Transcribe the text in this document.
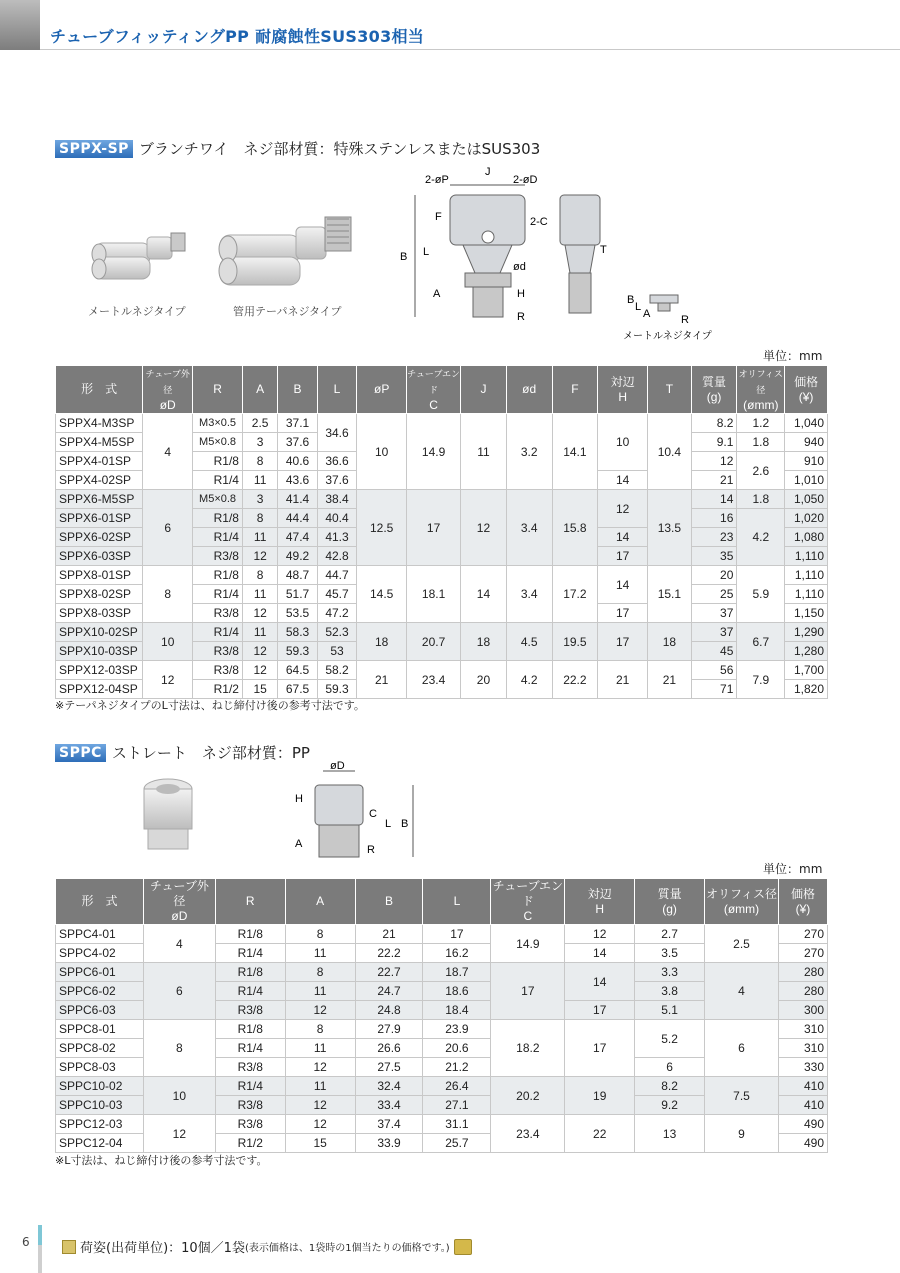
チューブフィッティングPP 耐腐蝕性SUS303相当
SPPX-SP ブランチワイ　ネジ部材質：特殊ステンレスまたはSUS303
メートルネジタイプ	管用テーパネジタイプ
2-øP
J
2-øD
F	2-C
B L
A	H
R
ød
T
B
L
A	R
メートルネジタイプ
単位：mm
形　式	チューブ外径
øD	R	A	B	L	øP	チューブエンド
C	J	ød	F	対辺
H	T	質量
(g)	オリフィス径
(ømm)	価格
(¥)
SPPX4-M3SP	4	M3×0.5	2.5	37.1	34.6	10	14.9	11	3.2	14.1	10	10.4	8.2	1.2	1,040
SPPX4-M5SP		M5×0.8	3	37.6									9.1	1.8	940
SPPX4-01SP		R1/8	8	40.6	36.6								12	2.6	910
SPPX4-02SP		R1/4	11	43.6	37.6						14		21		1,010
SPPX6-M5SP	6	M5×0.8	3	41.4	38.4	12.5	17	12	3.4	15.8	12	13.5	14	1.8	1,050
SPPX6-01SP		R1/8	8	44.4	40.4								16	4.2	1,020
SPPX6-02SP		R1/4	11	47.4	41.3						14		23		1,080
SPPX6-03SP		R3/8	12	49.2	42.8						17		35		1,110
SPPX8-01SP	8	R1/8	8	48.7	44.7	14.5	18.1	14	3.4	17.2	14	15.1	20	5.9	1,110
SPPX8-02SP		R1/4	11	51.7	45.7								25		1,110
SPPX8-03SP		R3/8	12	53.5	47.2						17		37		1,150
SPPX10-02SP	10	R1/4	11	58.3	52.3	18	20.7	18	4.5	19.5	17	18	37	6.7	1,290
SPPX10-03SP		R3/8	12	59.3	53								45		1,280
SPPX12-03SP	12	R3/8	12	64.5	58.2	21	23.4	20	4.2	22.2	21	21	56	7.9	1,700
SPPX12-04SP		R1/2	15	67.5	59.3								71		1,820
※テーパネジタイプのL寸法は、ねじ締付け後の参考寸法です。
SPPC ストレート　ネジ部材質：PP
øD
H
C
L B
A	R
単位：mm
形　式	チューブ外径
øD	R	A	B	L	チューブエンド
C	対辺
H	質量
(g)	オリフィス径
(ømm)	価格
(¥)
SPPC4-01	4	R1/8	8	21	17	14.9	12	2.7	2.5	270
SPPC4-02		R1/4	11	22.2	16.2		14	3.5		270
SPPC6-01	6	R1/8	8	22.7	18.7	17	14	3.3	4	280
SPPC6-02		R1/4	11	24.7	18.6			3.8		280
SPPC6-03		R3/8	12	24.8	18.4		17	5.1		300
SPPC8-01	8	R1/8	8	27.9	23.9	18.2	17	5.2	6	310
SPPC8-02		R1/4	11	26.6	20.6					310
SPPC8-03		R3/8	12	27.5	21.2			6		330
SPPC10-02	10	R1/4	11	32.4	26.4	20.2	19	8.2	7.5	410
SPPC10-03		R3/8	12	33.4	27.1			9.2		410
SPPC12-03	12	R3/8	12	37.4	31.1	23.4	22	13	9	490
SPPC12-04		R1/2	15	33.9	25.7					490
※L寸法は、ねじ締付け後の参考寸法です。
6	荷姿(出荷単位)：10個／1袋 (表示価格は、1袋時の1個当たりの価格です。)
